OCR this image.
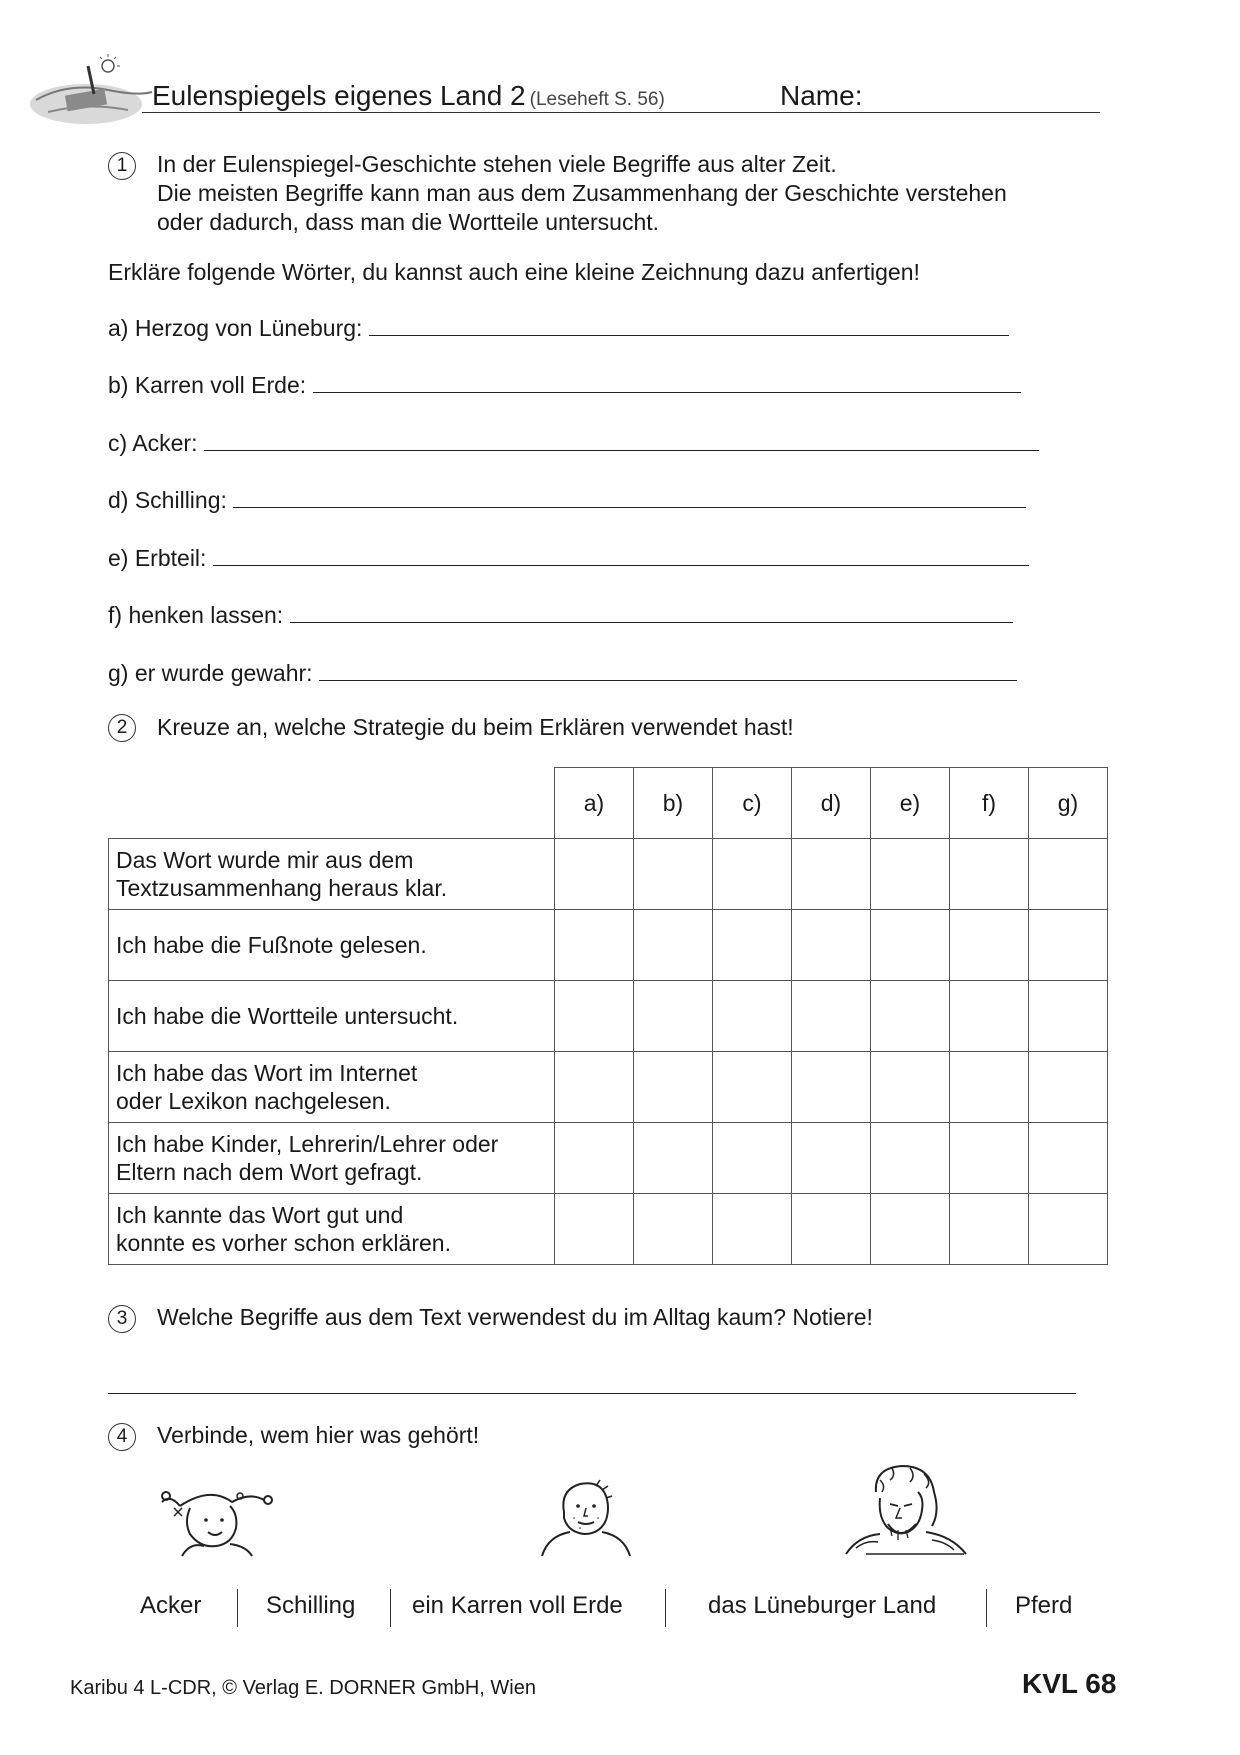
Eulenspiegels eigenes Land 2 (Leseheft S. 56)	Name:
1	In der Eulenspiegel-Geschichte stehen viele Begriffe aus alter Zeit.
Die meisten Begriffe kann man aus dem Zusammenhang der Geschichte verstehen
oder dadurch, dass man die Wortteile untersucht.
Erkläre folgende Wörter, du kannst auch eine kleine Zeichnung dazu anfertigen!
a) Herzog von Lüneburg:
b) Karren voll Erde:
c) Acker:
d) Schilling:
e) Erbteil:
f) henken lassen:
g) er wurde gewahr:
2	Kreuze an, welche Strategie du beim Erklären verwendet hast!
	a)	b)	c)	d)	e)	f)	g)

Das Wort wurde mir aus dem
Textzusammenhang heraus klar.							

Ich habe die Fußnote gelesen.							

Ich habe die Wortteile untersucht.							

Ich habe das Wort im Internet
oder Lexikon nachgelesen.							

Ich habe Kinder, Lehrerin/Lehrer oder
Eltern nach dem Wort gefragt.							

Ich kannte das Wort gut und
konnte es vorher schon erklären.							

3	Welche Begriffe aus dem Text verwendest du im Alltag kaum? Notiere!
4	Verbinde, wem hier was gehört!
Acker	Schilling ein Karren voll Erde	das Lüneburger Land	Pferd
Karibu 4 L-CDR, © Verlag E. DORNER GmbH, Wien	KVL 68
